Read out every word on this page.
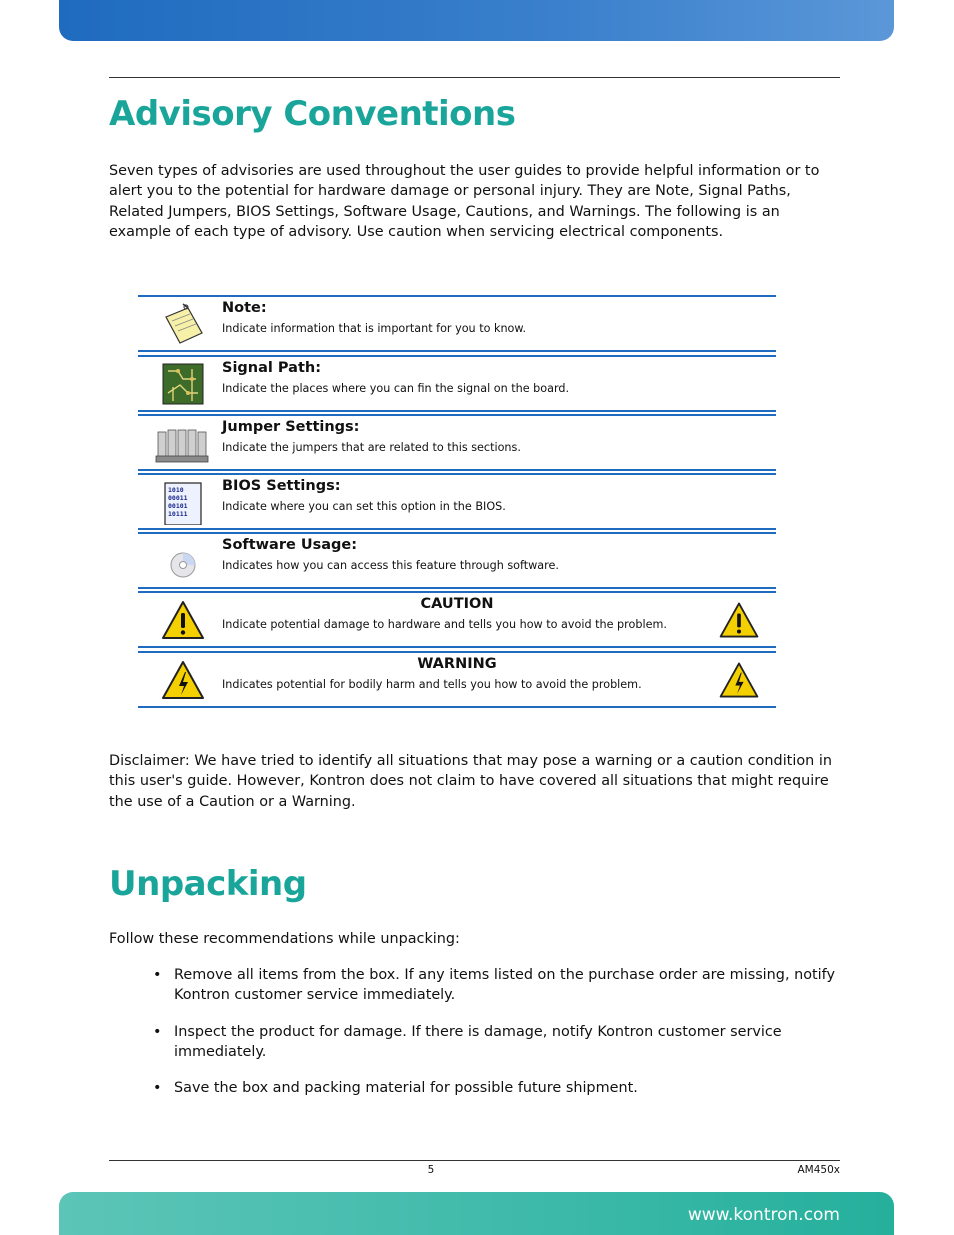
Advisory Conventions

Seven types of advisories are used throughout the user guides to provide helpful information or to alert you to the potential for hardware damage or personal injury. They are Note, Signal Paths, Related Jumpers, BIOS Settings, Software Usage, Cautions, and Warnings. The following is an example of each type of advisory. Use caution when servicing electrical components.

Note:
Indicate information that is important for you to know.
Signal Path:
Indicate the places where you can fin the signal on the board.
Jumper Settings:
Indicate the jumpers that are related to this sections.
1010
00011
00101
10111
BIOS Settings:
Indicate where you can set this option in the BIOS.
Software Usage:
Indicates how you can access this feature through software.
CAUTION
Indicate potential damage to hardware and tells you how to avoid the problem.
WARNING
Indicates potential for bodily harm and tells you how to avoid the problem.

Disclaimer: We have tried to identify all situations that may pose a warning or a caution condition in this user's guide. However, Kontron does not claim to have covered all situations that might require the use of a Caution or a Warning.

Unpacking

Follow these recommendations while unpacking:

• Remove all items from the box. If any items listed on the purchase order are missing, notify Kontron customer service immediately.
• Inspect the product for damage. If there is damage, notify Kontron customer service immediately.
• Save the box and packing material for possible future shipment.
5	AM450x
www.kontron.com
